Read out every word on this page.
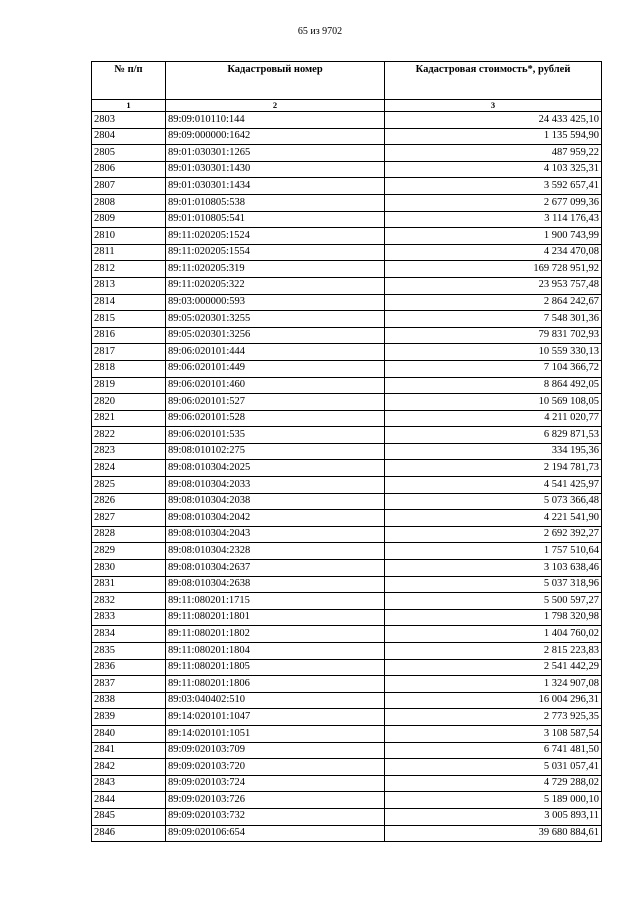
65 из 9702
№ п/п	Кадастровый номер	Кадастровая стоимость*, рублей
1	2	3
2803	89:09:010110:144	24 433 425,10
2804	89:09:000000:1642	1 135 594,90
2805	89:01:030301:1265	487 959,22
2806	89:01:030301:1430	4 103 325,31
2807	89:01:030301:1434	3 592 657,41
2808	89:01:010805:538	2 677 099,36
2809	89:01:010805:541	3 114 176,43
2810	89:11:020205:1524	1 900 743,99
2811	89:11:020205:1554	4 234 470,08
2812	89:11:020205:319	169 728 951,92
2813	89:11:020205:322	23 953 757,48
2814	89:03:000000:593	2 864 242,67
2815	89:05:020301:3255	7 548 301,36
2816	89:05:020301:3256	79 831 702,93
2817	89:06:020101:444	10 559 330,13
2818	89:06:020101:449	7 104 366,72
2819	89:06:020101:460	8 864 492,05
2820	89:06:020101:527	10 569 108,05
2821	89:06:020101:528	4 211 020,77
2822	89:06:020101:535	6 829 871,53
2823	89:08:010102:275	334 195,36
2824	89:08:010304:2025	2 194 781,73
2825	89:08:010304:2033	4 541 425,97
2826	89:08:010304:2038	5 073 366,48
2827	89:08:010304:2042	4 221 541,90
2828	89:08:010304:2043	2 692 392,27
2829	89:08:010304:2328	1 757 510,64
2830	89:08:010304:2637	3 103 638,46
2831	89:08:010304:2638	5 037 318,96
2832	89:11:080201:1715	5 500 597,27
2833	89:11:080201:1801	1 798 320,98
2834	89:11:080201:1802	1 404 760,02
2835	89:11:080201:1804	2 815 223,83
2836	89:11:080201:1805	2 541 442,29
2837	89:11:080201:1806	1 324 907,08
2838	89:03:040402:510	16 004 296,31
2839	89:14:020101:1047	2 773 925,35
2840	89:14:020101:1051	3 108 587,54
2841	89:09:020103:709	6 741 481,50
2842	89:09:020103:720	5 031 057,41
2843	89:09:020103:724	4 729 288,02
2844	89:09:020103:726	5 189 000,10
2845	89:09:020103:732	3 005 893,11
2846	89:09:020106:654	39 680 884,61
